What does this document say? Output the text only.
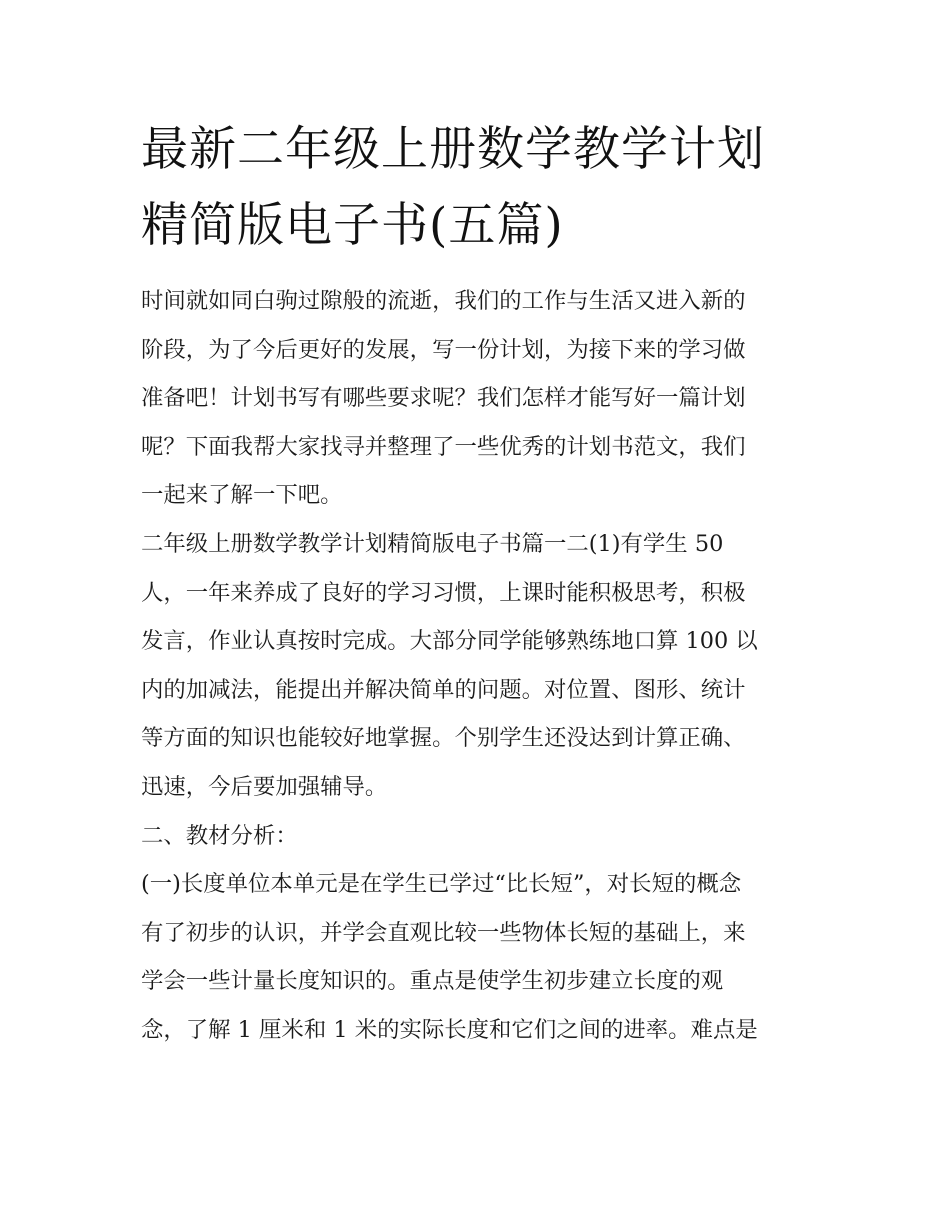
最新二年级上册数学教学计划
精简版电子书(五篇)
时间就如同白驹过隙般的流逝，我们的工作与生活又进入新的
阶段，为了今后更好的发展，写一份计划，为接下来的学习做
准备吧！计划书写有哪些要求呢？我们怎样才能写好一篇计划
呢？下面我帮大家找寻并整理了一些优秀的计划书范文，我们
一起来了解一下吧。
二年级上册数学教学计划精简版电子书篇一二(1)有学生 50
人，一年来养成了良好的学习习惯，上课时能积极思考，积极
发言，作业认真按时完成。大部分同学能够熟练地口算 100 以
内的加减法，能提出并解决简单的问题。对位置、图形、统计
等方面的知识也能较好地掌握。个别学生还没达到计算正确、
迅速，今后要加强辅导。
二、教材分析：
(一)长度单位本单元是在学生已学过“比长短”，对长短的概念
有了初步的认识，并学会直观比较一些物体长短的基础上，来
学会一些计量长度知识的。重点是使学生初步建立长度的观
念，了解 1 厘米和 1 米的实际长度和它们之间的进率。难点是
